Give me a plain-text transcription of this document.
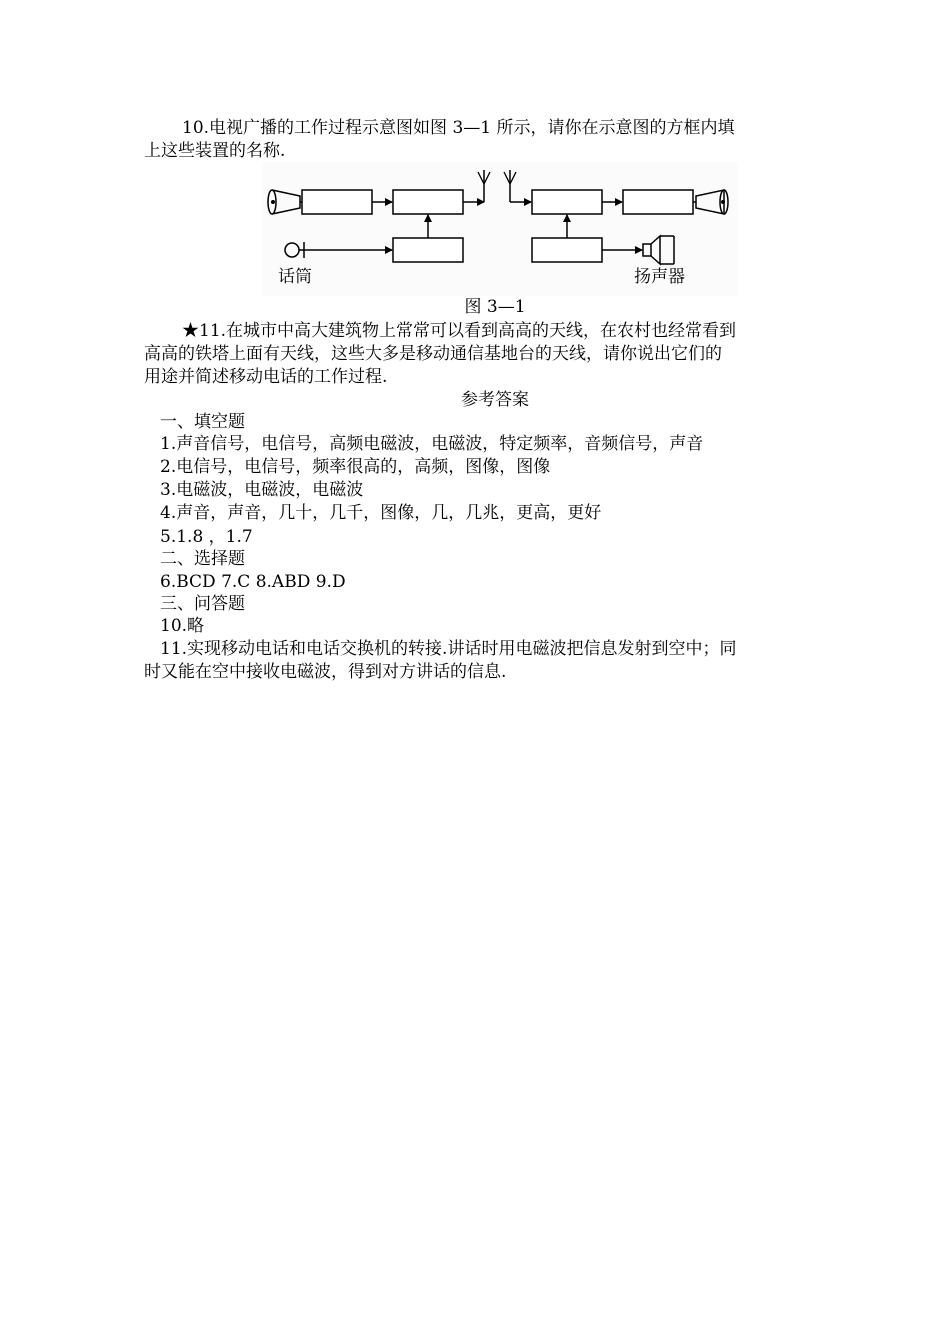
10.电视广播的工作过程示意图如图 3—1 所示，请你在示意图的方框内填
上这些装置的名称.
话筒	扬声器
图 3—1
★11.在城市中高大建筑物上常常可以看到高高的天线，在农村也经常看到
高高的铁塔上面有天线，这些大多是移动通信基地台的天线，请你说出它们的
用途并简述移动电话的工作过程.
参考答案
一、填空题
1.声音信号，电信号，高频电磁波，电磁波，特定频率，音频信号，声音
2.电信号，电信号，频率很高的，高频，图像，图像
3.电磁波，电磁波，电磁波
4.声音，声音，几十，几千，图像，几，几兆，更高，更好
5.1.8 ，1.7
二、选择题
6.BCD 7.C 8.ABD 9.D
三、问答题
10.略
11.实现移动电话和电话交换机的转接.讲话时用电磁波把信息发射到空中；同
时又能在空中接收电磁波，得到对方讲话的信息.
